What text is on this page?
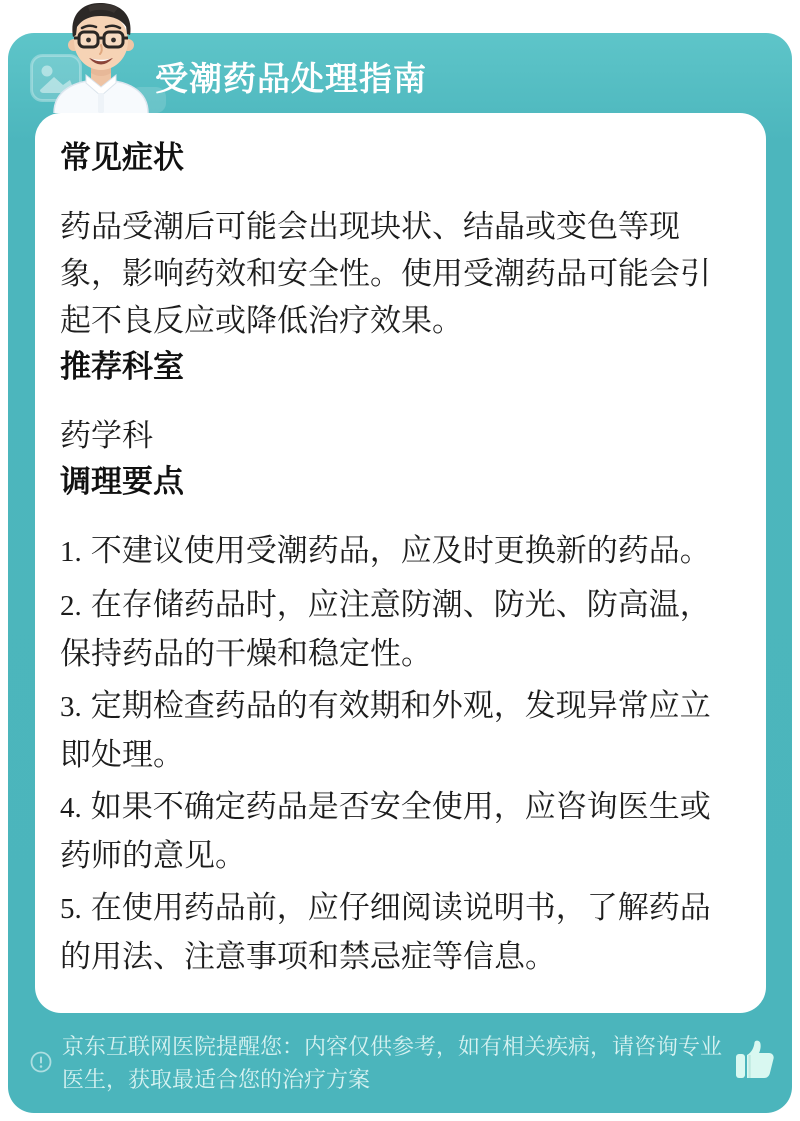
受潮药品处理指南
常见症状

药品受潮后可能会出现块状、结晶或变色等现象，影响药效和安全性。使用受潮药品可能会引起不良反应或降低治疗效果。

推荐科室

药学科

调理要点

1. 不建议使用受潮药品，应及时更换新的药品。

2. 在存储药品时，应注意防潮、防光、防高温，保持药品的干燥和稳定性。

3. 定期检查药品的有效期和外观，发现异常应立即处理。

4. 如果不确定药品是否安全使用，应咨询医生或药师的意见。

5. 在使用药品前，应仔细阅读说明书，了解药品的用法、注意事项和禁忌症等信息。

京东互联网医院提醒您：内容仅供参考，如有相关疾病，请咨询专业医生，获取最适合您的治疗方案
